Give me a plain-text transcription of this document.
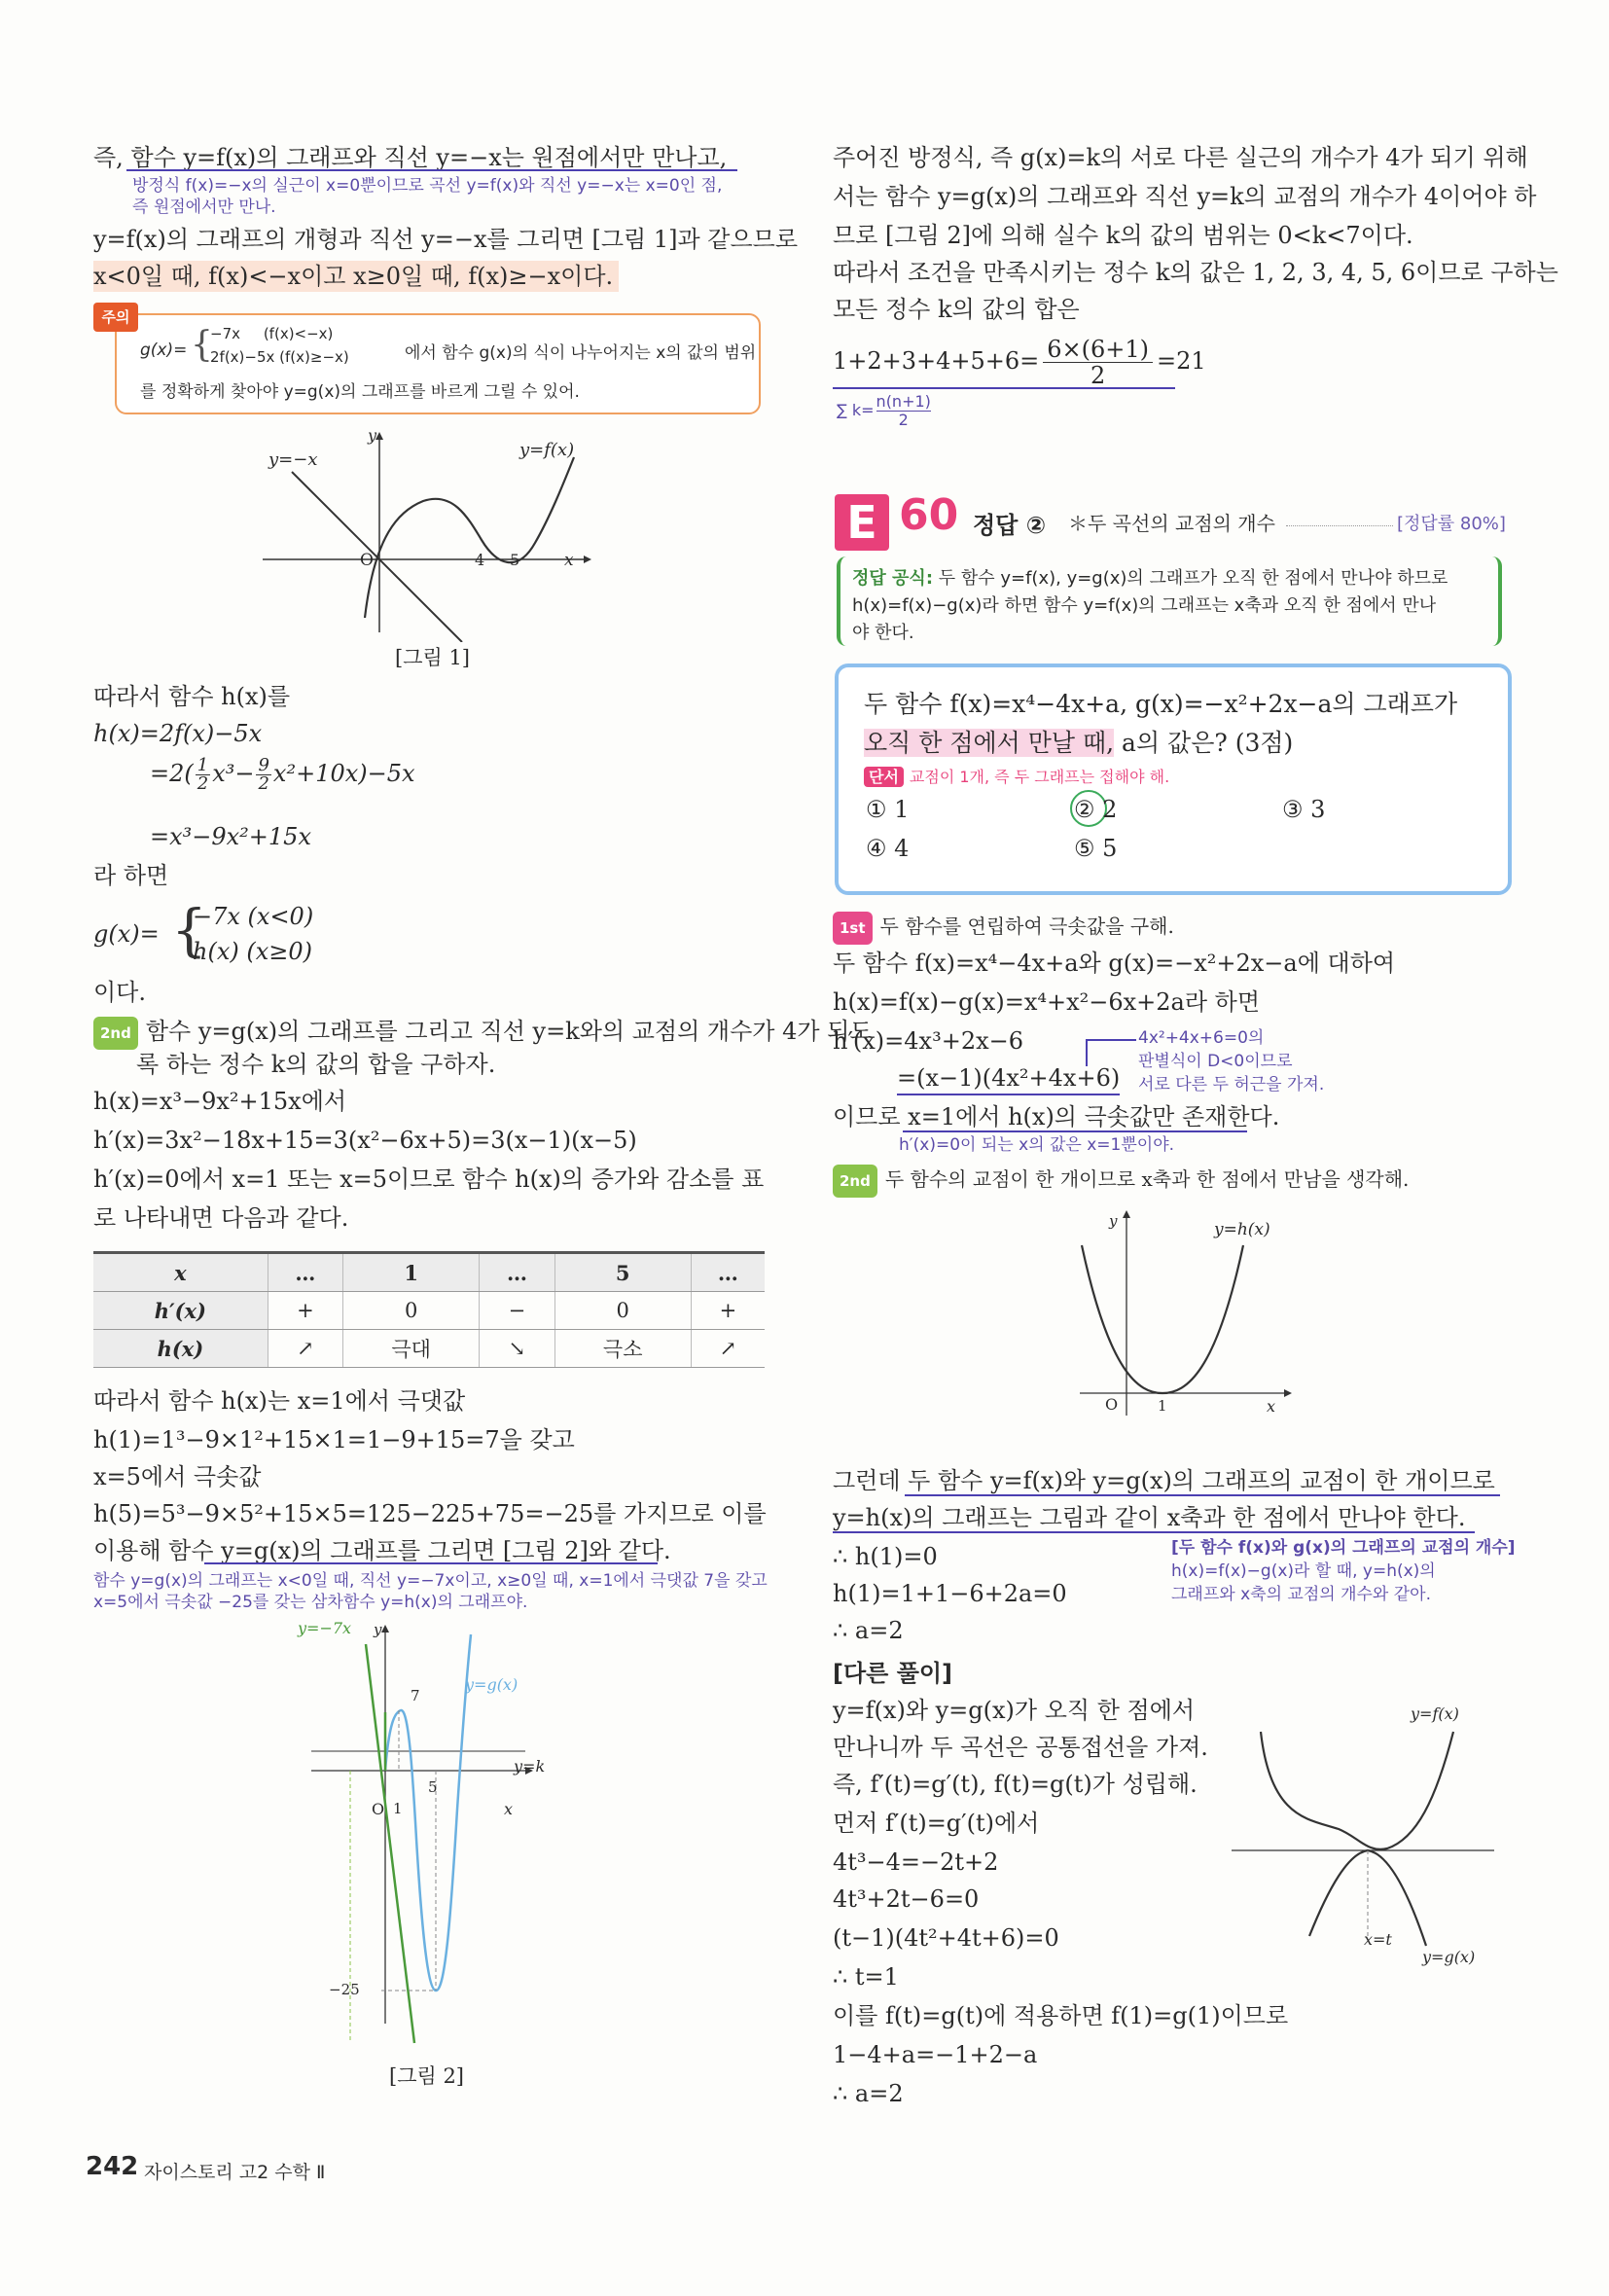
즉, 함수 y=f(x)의 그래프와 직선 y=−x는 원점에서만 만나고,
방정식 f(x)=−x의 실근이 x=0뿐이므로 곡선 y=f(x)와 직선 y=−x는 x=0인 점,
즉 원점에서만 만나.
y=f(x)의 그래프의 개형과 직선 y=−x를 그리면 [그림 1]과 같으므로
x<0일 때, f(x)<−x이고 x≥0일 때, f(x)≥−x이다.
주의
g(x)= {
−7x     (f(x)<−x)
2f(x)−5x (f(x)≥−x)	에서 함수 g(x)의 식이 나누어지는 x의 값의 범위
를 정확하게 찾아야 y=g(x)의 그래프를 바르게 그릴 수 있어.
y=−x	y=f(x)
y
x
O	4 5
[그림 1]
따라서 함수 h(x)를
h(x)=2f(x)−5x
$=2( \frac{1}{2} x^3- \frac{9}{2} x^2+10x)-5x$
=x³−9x²+15x
라 하면
g(x)= {
−7x (x<0)
h(x) (x≥0)
이다.
2nd 함수 y=g(x)의 그래프를 그리고 직선 y=k와의 교점의 개수가 4가 되도
록 하는 정수 k의 값의 합을 구하자.
h(x)=x³−9x²+15x에서
h′(x)=3x²−18x+15=3(x²−6x+5)=3(x−1)(x−5)
h′(x)=0에서 x=1 또는 x=5이므로 함수 h(x)의 증가와 감소를 표
로 나타내면 다음과 같다.
x	…	1	…	5	…
h′(x)	+	0	−	0	+
h(x)	↗	극대	↘	극소	↗
따라서 함수 h(x)는 x=1에서 극댓값
h(1)=1³−9×1²+15×1=1−9+15=7을 갖고
x=5에서 극솟값
h(5)=5³−9×5²+15×5=125−225+75=−25를 가지므로 이를
이용해 함수 y=g(x)의 그래프를 그리면 [그림 2]와 같다.
함수 y=g(x)의 그래프는 x<0일 때, 직선 y=−7x이고, x≥0일 때, x=1에서 극댓값 7을 갖고
x=5에서 극솟값 −25를 갖는 삼차함수 y=h(x)의 그래프야.
y=−7x
y=g(x)
y=k
7
5
O 1	x
y
−25
[그림 2]
주어진 방정식, 즉 g(x)=k의 서로 다른 실근의 개수가 4가 되기 위해
서는 함수 y=g(x)의 그래프와 직선 y=k의 교점의 개수가 4이어야 하
므로 [그림 2]에 의해 실수 k의 값의 범위는 0<k<7이다.
따라서 조건을 만족시키는 정수 k의 값은 1, 2, 3, 4, 5, 6이므로 구하는
모든 정수 k의 값의 합은
$1+2+3+4+5+6= \frac{6\times(6+1)}{2} =21$
∑ $k= \frac{n(n+1)}{2}$
E 60 정답 ② ＊두 곡선의 교점의 개수	[정답률 80%]
정답 공식: 두 함수 y=f(x), y=g(x)의 그래프가 오직 한 점에서 만나야 하므로
h(x)=f(x)−g(x)라 하면 함수 y=f(x)의 그래프는 x축과 오직 한 점에서 만나
야 한다.
두 함수 f(x)=x⁴−4x+a, g(x)=−x²+2x−a의 그래프가
오직 한 점에서 만날 때, a의 값은? (3점)
단서 교점이 1개, 즉 두 그래프는 접해야 해.
① 1	② 2	③ 3
④ 4	⑤ 5
1st 두 함수를 연립하여 극솟값을 구해.
두 함수 f(x)=x⁴−4x+a와 g(x)=−x²+2x−a에 대하여
h(x)=f(x)−g(x)=x⁴+x²−6x+2a라 하면
h′(x)=4x³+2x−6	4x²+4x+6=0의
판별식이 D<0이므로
서로 다른 두 허근을 가져.
=(x−1)(4x²+4x+6)
이므로 x=1에서 h(x)의 극솟값만 존재한다.
h′(x)=0이 되는 x의 값은 x=1뿐이야.
2nd 두 함수의 교점이 한 개이므로 x축과 한 점에서 만남을 생각해.
y=h(x)
y
x
O	1
그런데 두 함수 y=f(x)와 y=g(x)의 그래프의 교점이 한 개이므로
y=h(x)의 그래프는 그림과 같이 x축과 한 점에서 만나야 한다.
∴ h(1)=0
h(1)=1+1−6+2a=0
∴ a=2
[두 함수 f(x)와 g(x)의 그래프의 교점의 개수]
h(x)=f(x)−g(x)라 할 때, y=h(x)의
그래프와 x축의 교점의 개수와 같아.
[다른 풀이]
y=f(x)와 y=g(x)가 오직 한 점에서
만나니까 두 곡선은 공통접선을 가져.
즉, f′(t)=g′(t), f(t)=g(t)가 성립해.
먼저 f′(t)=g′(t)에서
4t³−4=−2t+2
4t³+2t−6=0
(t−1)(4t²+4t+6)=0
∴ t=1
이를 f(t)=g(t)에 적용하면 f(1)=g(1)이므로
1−4+a=−1+2−a
∴ a=2
y=f(x)
y=g(x)
x=t
242 자이스토리 고2 수학 Ⅱ
